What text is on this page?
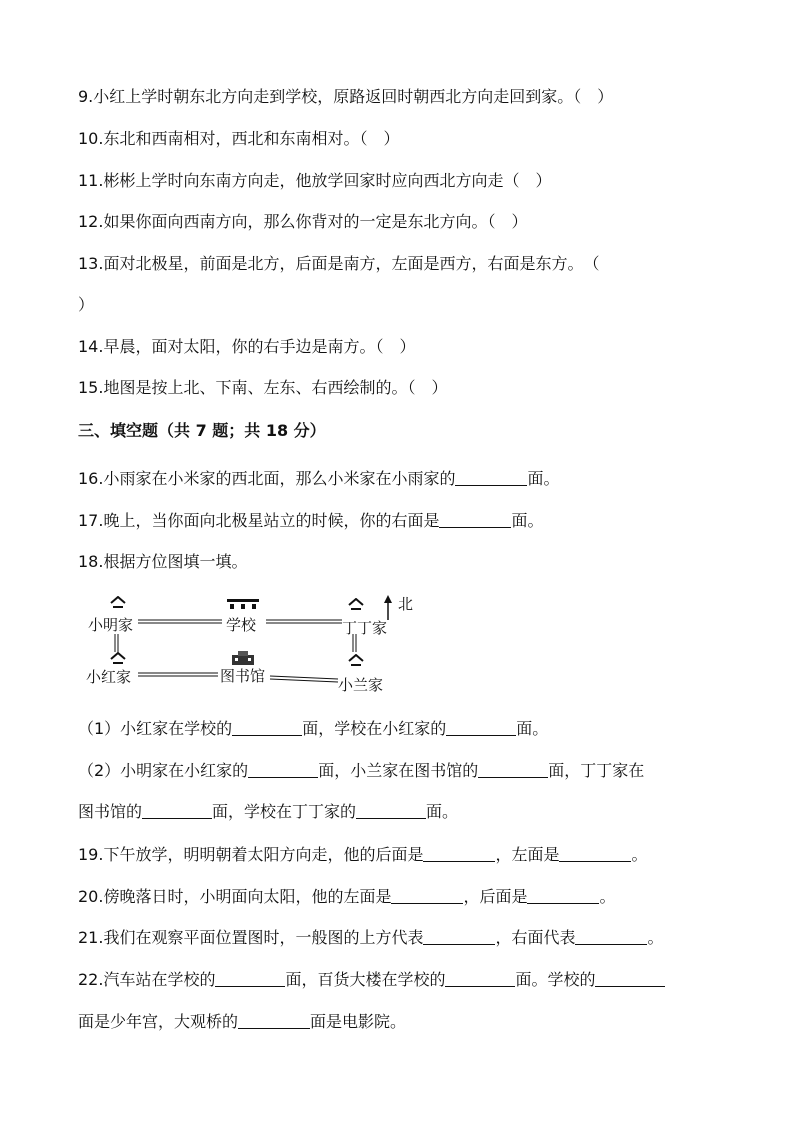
9.小红上学时朝东北方向走到学校，原路返回时朝西北方向走回到家。（　）
10.东北和西南相对，西北和东南相对。（　）
11.彬彬上学时向东南方向走，他放学回家时应向西北方向走（　）
12.如果你面向西南方向，那么你背对的一定是东北方向。（　）
13.面对北极星，前面是北方，后面是南方，左面是西方，右面是东方。　（
）
14.早晨，面对太阳，你的右手边是南方。（　）
15.地图是按上北、下南、左东、右西绘制的。（　）
三、填空题（共 7 题；共 18 分）
16.小雨家在小米家的西北面，那么小米家在小雨家的	面。
17.晚上，当你面向北极星站立的时候，你的右面是	面。
18.根据方位图填一填。
小明家	学校	丁丁家
北
小红家	图书馆	小兰家
（1）小红家在学校的	面，学校在小红家的	面。
（2）小明家在小红家的	面，小兰家在图书馆的	面，丁丁家在
图书馆的	面，学校在丁丁家的	面。
19.下午放学，明明朝着太阳方向走，他的后面是	，左面是	。
20.傍晚落日时，小明面向太阳，他的左面是	，后面是	。
21.我们在观察平面位置图时，一般图的上方代表	，右面代表	。
22.汽车站在学校的	面，百货大楼在学校的	面。学校的
面是少年宫，大观桥的	面是电影院。
